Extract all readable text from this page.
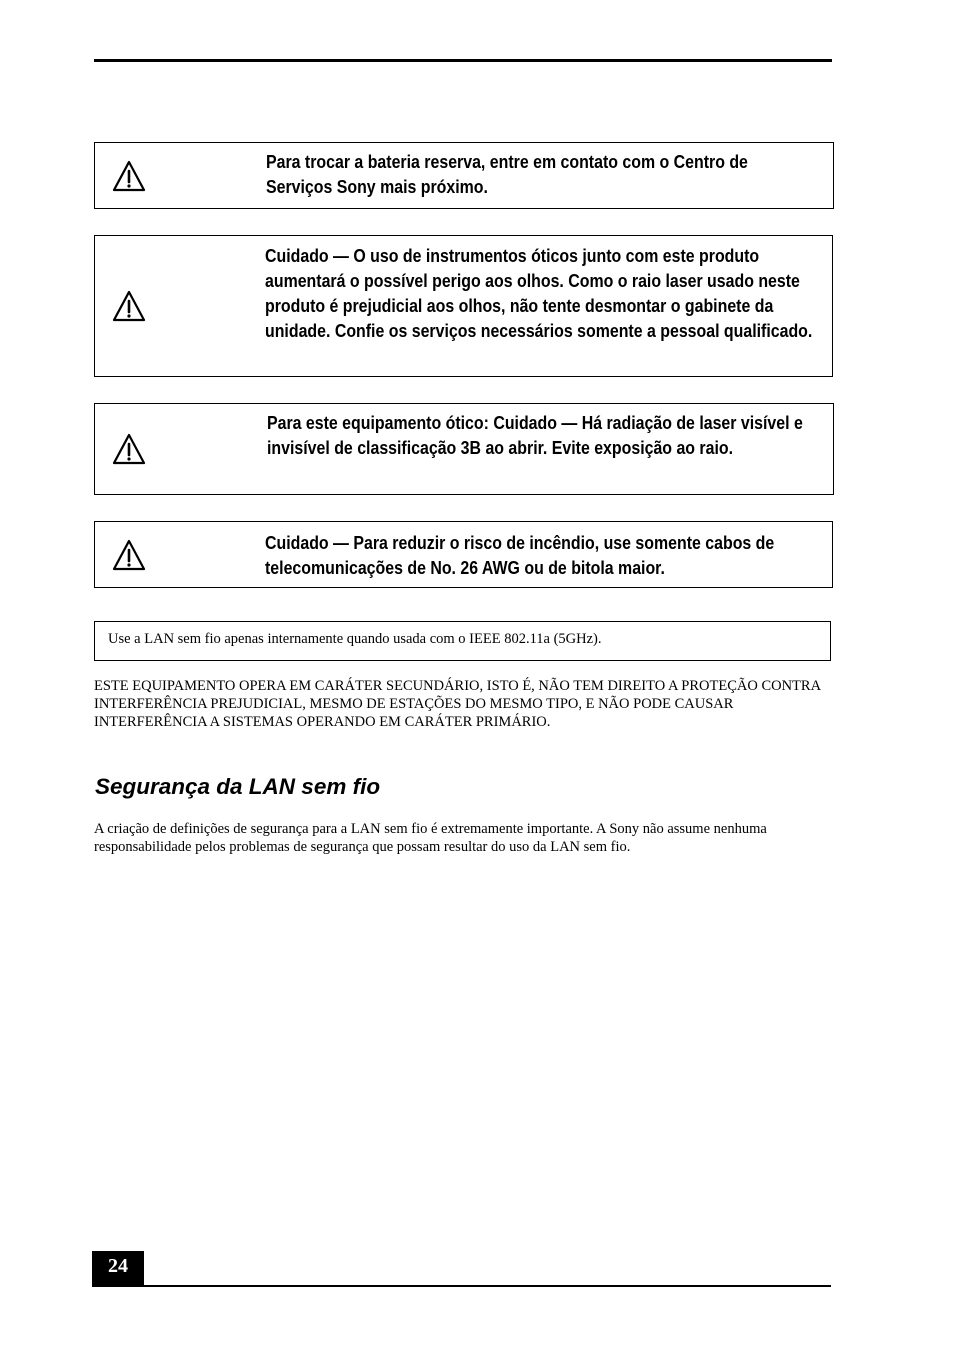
Para trocar a bateria reserva, entre em contato com o Centro de Serviços Sony mais próximo.
Cuidado — O uso de instrumentos óticos junto com este produto aumentará o possível perigo aos olhos. Como o raio laser usado neste produto é prejudicial aos olhos, não tente desmontar o gabinete da unidade. Confie os serviços necessários somente a pessoal qualificado.
Para este equipamento ótico: Cuidado — Há radiação de laser visível e invisível de classificação 3B ao abrir. Evite exposição ao raio.
Cuidado — Para reduzir o risco de incêndio, use somente cabos de telecomunicações de No. 26 AWG ou de bitola maior.
Use a LAN sem fio apenas internamente quando usada com o IEEE 802.11a (5GHz).
ESTE EQUIPAMENTO OPERA EM CARÁTER SECUNDÁRIO, ISTO É, NÃO TEM DIREITO A PROTEÇÃO CONTRA INTERFERÊNCIA PREJUDICIAL, MESMO DE ESTAÇÕES DO MESMO TIPO, E NÃO PODE CAUSAR INTERFERÊNCIA A SISTEMAS OPERANDO EM CARÁTER PRIMÁRIO.
Segurança da LAN sem fio
A criação de definições de segurança para a LAN sem fio é extremamente importante. A Sony não assume nenhuma responsabilidade pelos problemas de segurança que possam resultar do uso da LAN sem fio.
24
